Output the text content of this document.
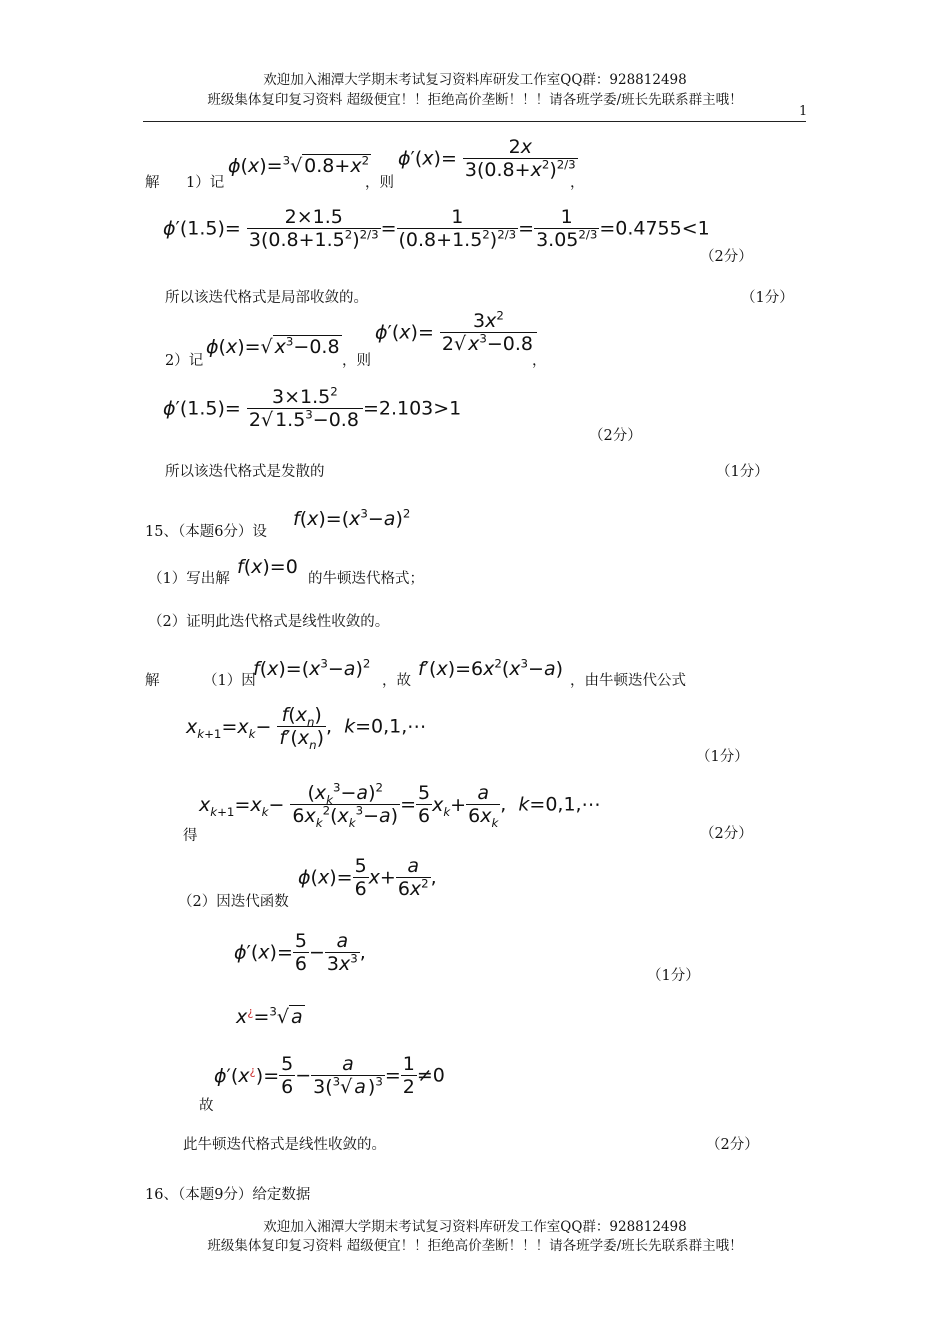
欢迎加入湘潭大学期末考试复习资料库研发工作室QQ群：928812498
班级集体复印复习资料 超级便宜！！拒绝高价垄断！！！请各班学委/班长先联系群主哦！
1
解 1）记
ϕ(x)=$^3$√ $0.8+x^2$
，则
$\phi'(x)= \frac{2x}{3(0.8+x^2)^{2/3}}$
，
$\phi'(1.5)= \frac{2\times 1.5}{3(0.8+1.5^2)^{2/3}} = \frac{1}{(0.8+1.5^2)^{2/3}} = \frac{1}{3.05^{2/3}} =0.4755<1$
（2分）
所以该迭代格式是局部收敛的。	（1分）
2）记
ϕ(x)=√ $x^3-0.8$
，则
$\phi'(x)= \frac{3x^2}{2√ x^3-0.8}$
，
$\phi'(1.5)= \frac{3\times 1.5^2}{2√ 1.5^3-0.8} =2.103>1$
（2分）
所以该迭代格式是发散的	（1分）
15、（本题6分）设
$f(x)=(x^3-a)^2$
（1）写出解
f(x)=0
的牛顿迭代格式；
（2）证明此迭代格式是线性收敛的。
解	（1）因
$f(x)=(x^3-a)^2$
，故
$f'(x)=6x^2(x^3-a)$
，由牛顿迭代公式
$x_{k+1}=x_k- \frac{f(x_n)}{f'(x_n)}$ ,  k=0,1,⋯
（1分）
得
$x_{k+1}=x_k- \frac{(x_k^3-a)^2}{6x_k^2(x_k^3-a)} = \frac{5}{6} x_k+ \frac{a}{6x_k}$ ,  k=0,1,⋯
（2分）
（2）因迭代函数
$\phi(x)= \frac{5}{6} x+ \frac{a}{6x^2}$ ,
$\phi'(x)= \frac{5}{6} - \frac{a}{3x^3}$ ,
（1分）
x¿=$^3$√ a
故
$\phi'(x^¿)= \frac{5}{6} - \frac{a}{3(^3√ a )^3} = \frac{1}{2} \ne 0$
此牛顿迭代格式是线性收敛的。	（2分）
16、（本题9分）给定数据
欢迎加入湘潭大学期末考试复习资料库研发工作室QQ群：928812498
班级集体复印复习资料 超级便宜！！拒绝高价垄断！！！请各班学委/班长先联系群主哦！
